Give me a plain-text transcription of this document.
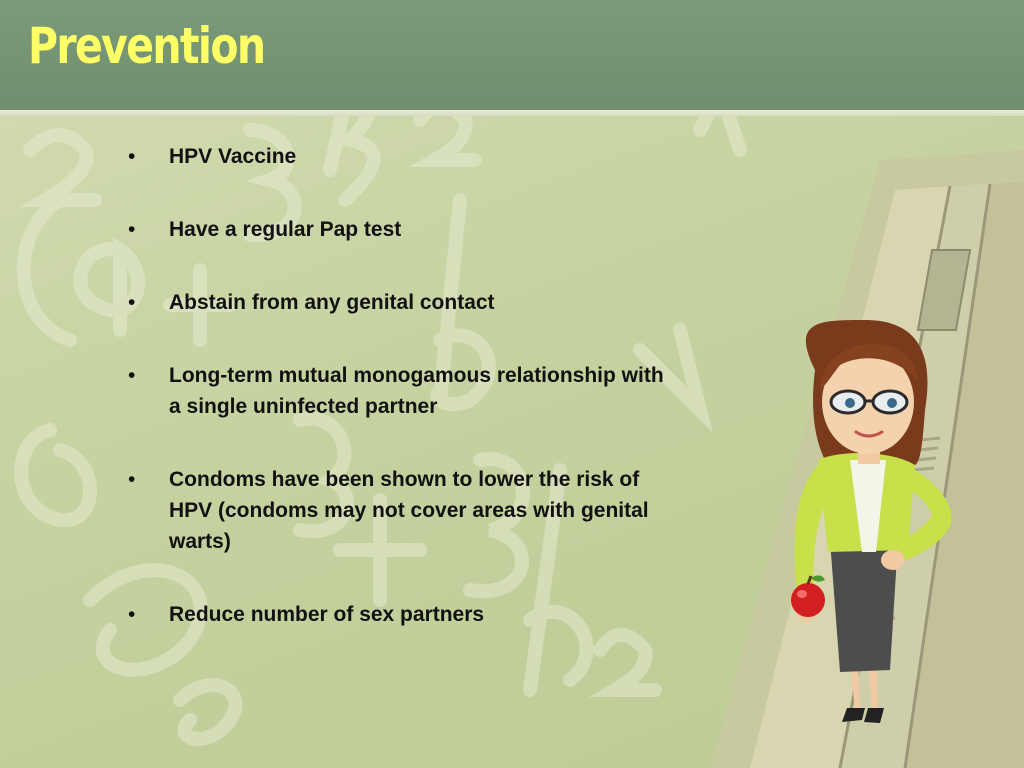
Prevention
• HPV Vaccine
• Have a regular Pap test
• Abstain from any genital contact
• Long-term mutual monogamous relationship with a single uninfected partner
• Condoms have been shown to lower the risk of HPV (condoms may not cover areas with genital warts)
• Reduce number of sex partners
